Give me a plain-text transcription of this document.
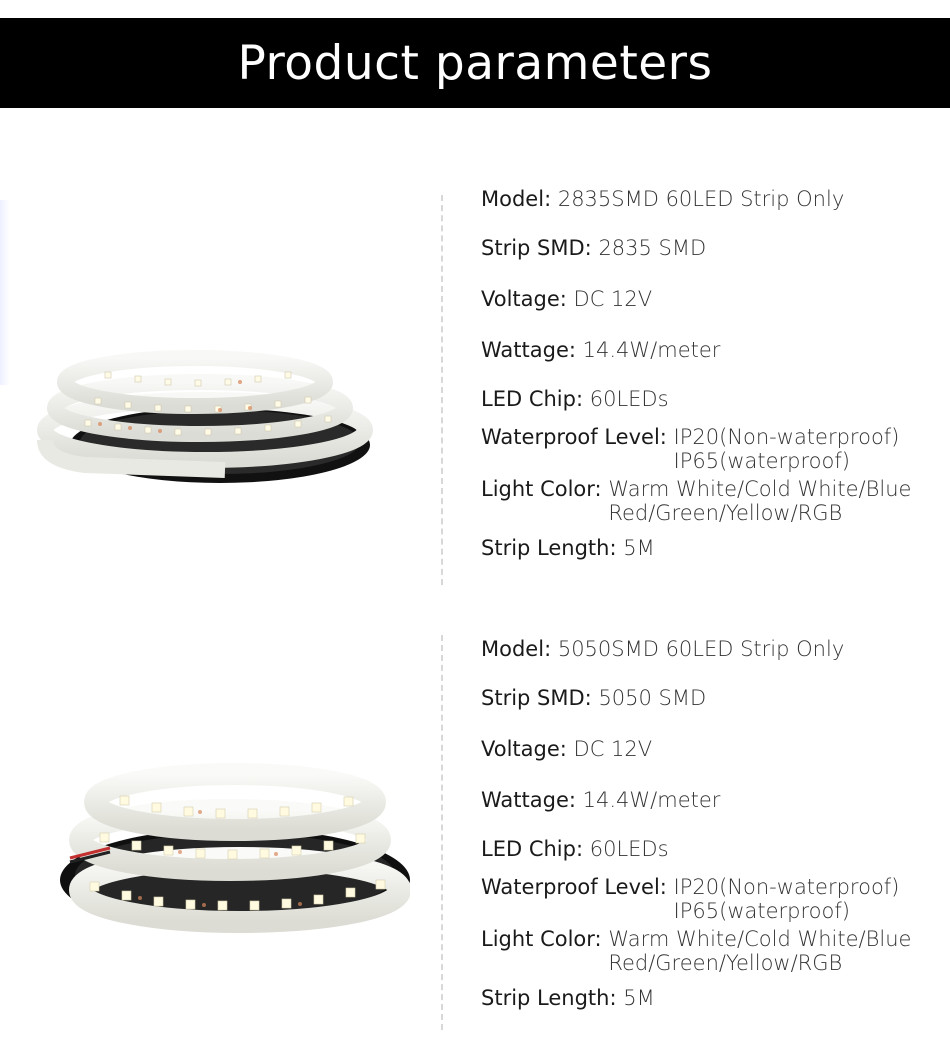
Product parameters
Model: 2835SMD 60LED Strip Only
Strip SMD: 2835 SMD
Voltage: DC 12V
Wattage: 14.4W/meter
LED Chip: 60LEDs
Waterproof Level: IP20(Non-waterproof)
IP65(waterproof)
Light Color: Warm White/Cold White/Blue
Red/Green/Yellow/RGB
Strip Length: 5M
Model: 5050SMD 60LED Strip Only
Strip SMD: 5050 SMD
Voltage: DC 12V
Wattage: 14.4W/meter
LED Chip: 60LEDs
Waterproof Level: IP20(Non-waterproof)
IP65(waterproof)
Light Color: Warm White/Cold White/Blue
Red/Green/Yellow/RGB
Strip Length: 5M
